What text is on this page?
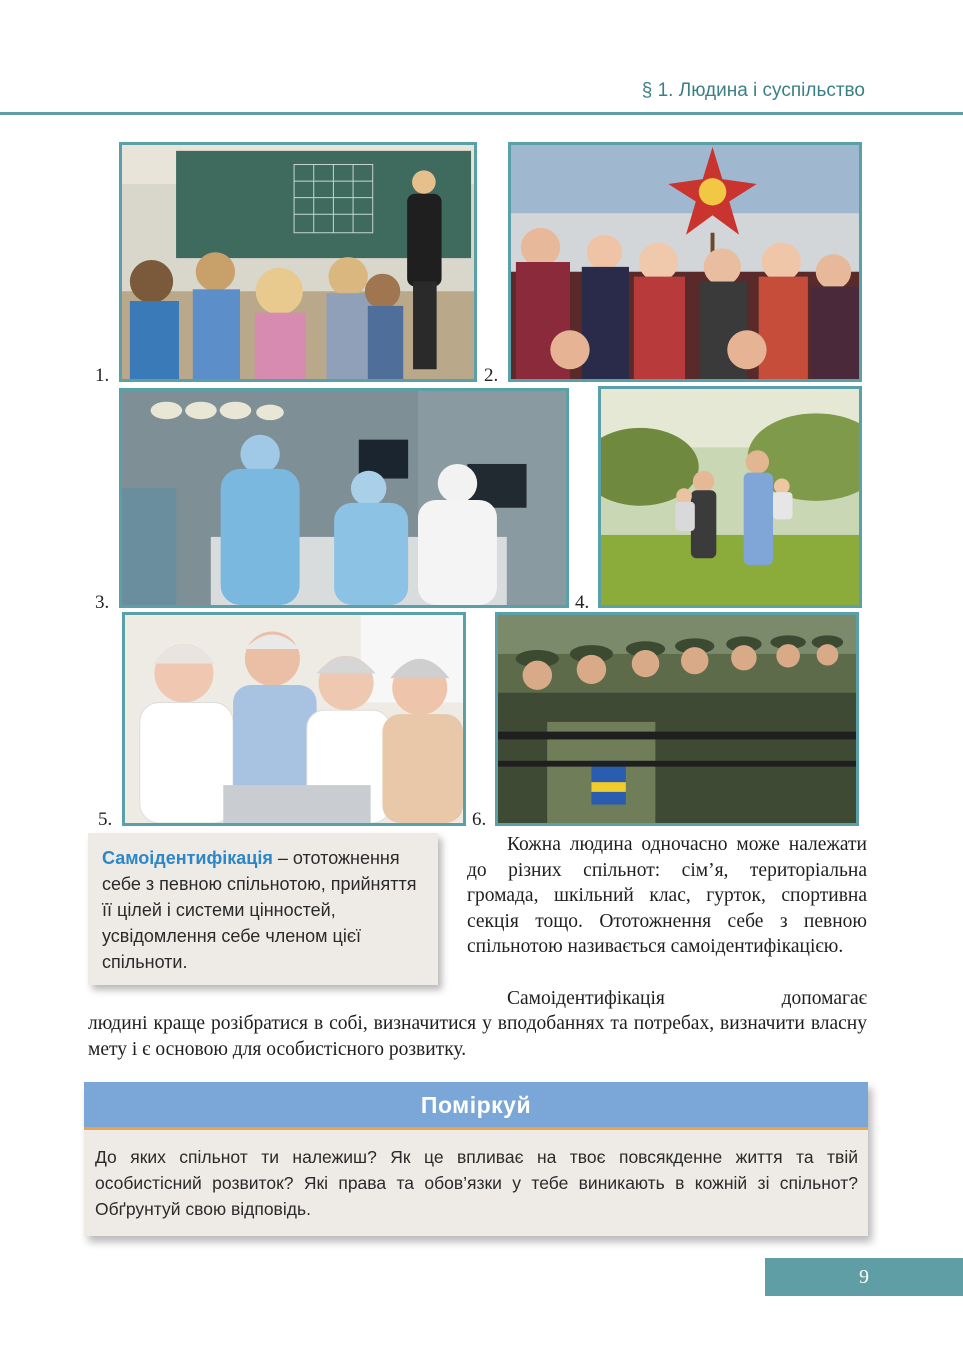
§ 1. Людина і суспільство
1.	2.
3.	4.
5.	6.
Самоідентифікація – ототожнення себе з певною спільнотою, прийняття її цілей і системи цінностей, усвідомлення себе членом цієї спільноти.
Кожна людина одночасно може належати до різних спільнот: сім’я, територіальна громада, шкільний клас, гурток, спортивна секція тощо. Ототожнення себе з певною спільнотою називається самоідентифікацією.
Самоідентифікація допомагає
людині краще розібратися в собі, визначитися у вподобаннях та потребах, визначити власну мету і є основою для особистісного розвитку.
Поміркуй
До яких спільнот ти належиш? Як це впливає на твоє повсякденне життя та твій особистісний розвиток? Які права та обов’язки у тебе виникають в кожній зі спільнот? Обґрунтуй свою відповідь.
9
